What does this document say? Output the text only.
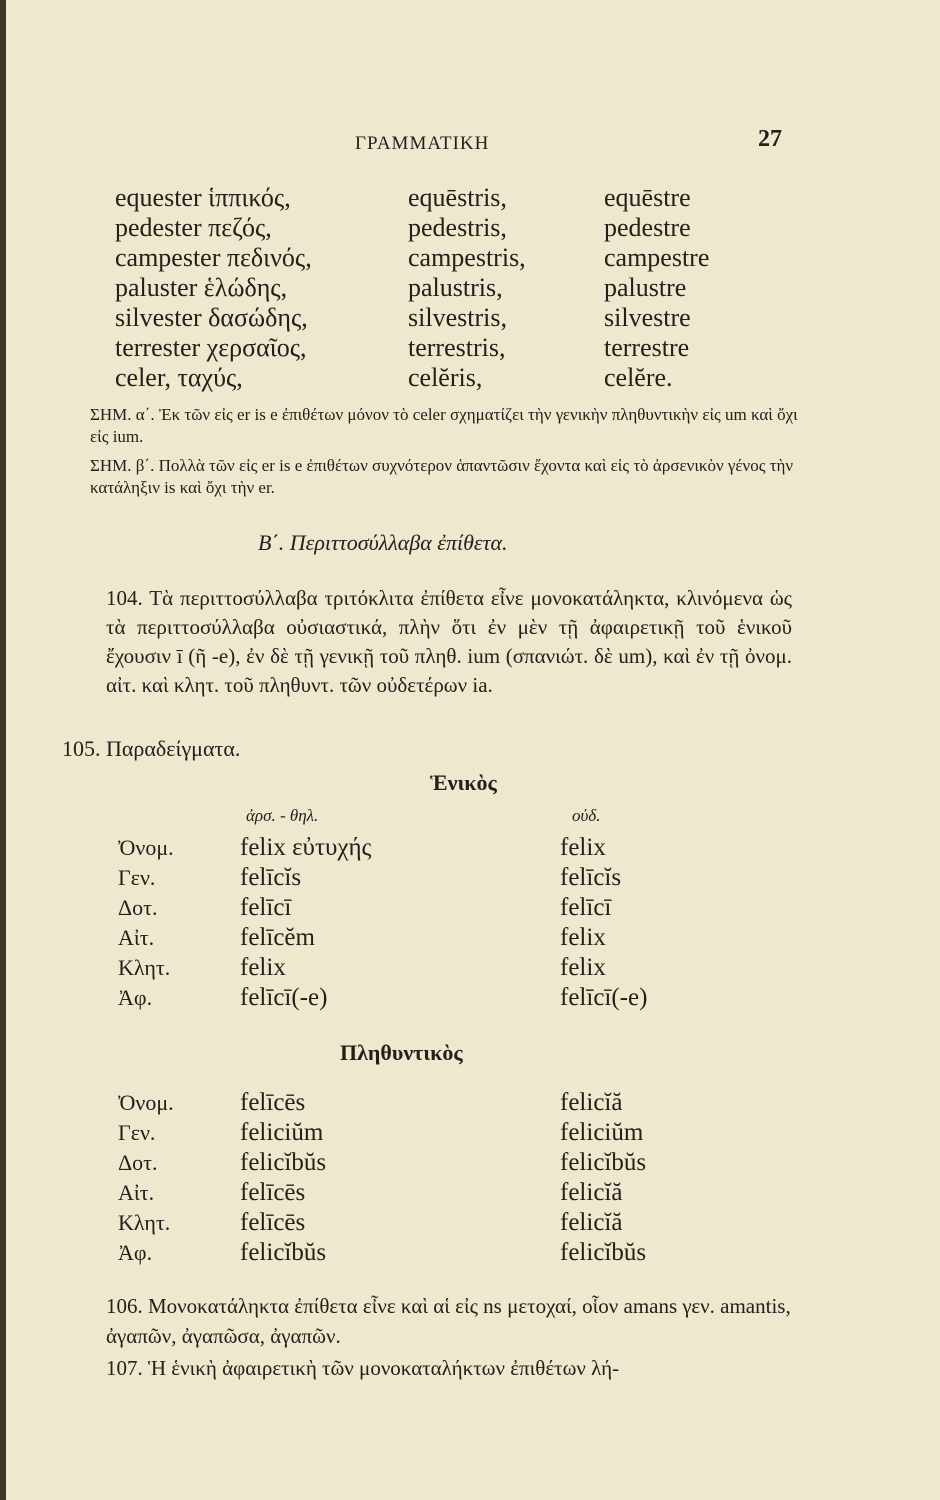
ΓΡΑΜΜΑΤΙΚΗ	27
equester ἱππικός,	equēstris,	equēstre
pedester πεζός,	pedestris,	pedestre
campester πεδινός,	campestris,	campestre
paluster ἑλώδης,	palustris,	palustre
silvester δασώδης,	silvestris,	silvestre
terrester χερσαῖος,	terrestris,	terrestre
celer, ταχύς,	celĕris,	celĕre.
ΣΗΜ. α΄. Ἐκ τῶν εἰς er is e ἐπιθέτων μόνον τὸ celer σχηματίζει τὴν γενικὴν πληθυντικὴν εἰς um καὶ ὄχι εἰς ium.
ΣΗΜ. β΄. Πολλὰ τῶν εἰς er is e ἐπιθέτων συχνότερον ἁπαντῶσιν ἔχοντα καὶ εἰς τὸ ἀρσενικὸν γένος τὴν κατάληξιν is καὶ ὄχι τὴν er.
Β΄. Περιττοσύλλαβα ἐπίθετα.
104. Τὰ περιττοσύλλαβα τριτόκλιτα ἐπίθετα εἶνε μονοκατάληκτα, κλινόμενα ὡς τὰ περιττοσύλλαβα οὐσιαστικά, πλὴν ὅτι ἐν μὲν τῇ ἀφαιρετικῇ τοῦ ἑνικοῦ ἔχουσιν ī (ῆ -e), ἐν δὲ τῇ γενικῇ τοῦ πληθ. ium (σπανιώτ. δὲ um), καὶ ἐν τῇ ὀνομ. αἰτ. καὶ κλητ. τοῦ πληθυντ. τῶν οὐδετέρων ia.
105. Παραδείγματα.
Ἑνικὸς
ἀρσ. - θηλ.	οὐδ.
Ὀνομ.	felix εὐτυχής	felix
Γεν.	felīcĭs	felīcĭs
Δοτ.	felīcī	felīcī
Αἰτ.	felīcĕm	felix
Κλητ.	felix	felix
Ἀφ.	felīcī(-e)	felīcī(-e)
Πληθυντικὸς
Ὀνομ.	felīcēs	felicĭă
Γεν.	feliciŭm	feliciŭm
Δοτ.	felicĭbŭs	felicĭbŭs
Αἰτ.	felīcēs	felicĭă
Κλητ.	felīcēs	felicĭă
Ἀφ.	felicĭbŭs	felicĭbŭs
106. Μονοκατάληκτα ἐπίθετα εἶνε καὶ αἱ εἰς ns μετοχαί, οἷον amans γεν. amantis, ἀγαπῶν, ἀγαπῶσα, ἀγαπῶν.
107. Ἡ ἑνικὴ ἀφαιρετικὴ τῶν μονοκαταλήκτων ἐπιθέτων λή-
